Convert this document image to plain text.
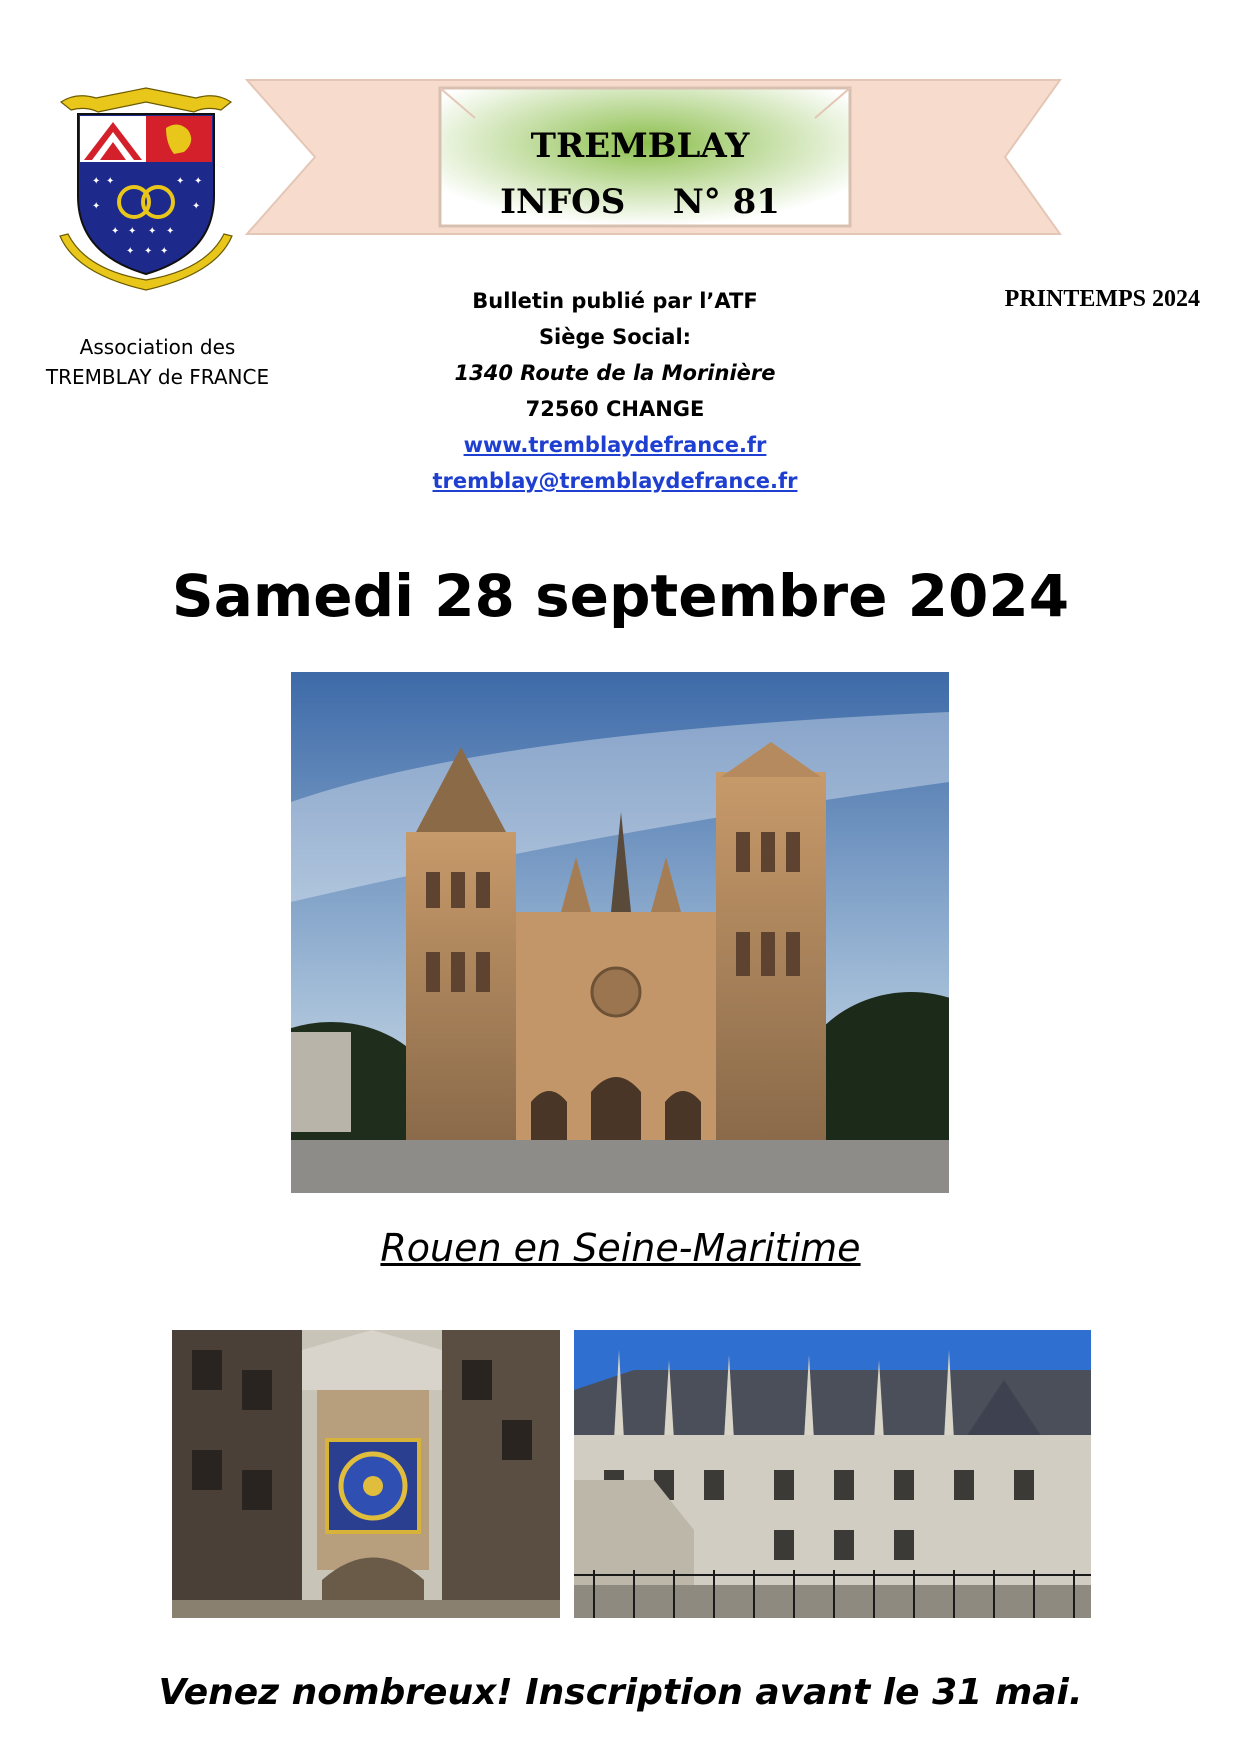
✦ ✦	✦ ✦
✦	✦
✦ ✦ ✦ ✦
✦ ✦ ✦
Association des
TREMBLAY de FRANCE
TREMBLAY
INFOS    N° 81
Bulletin publié par l’ATF
Siège Social:
1340 Route de la Morinière
72560 CHANGE
www.tremblaydefrance.fr
tremblay@tremblaydefrance.fr
PRINTEMPS 2024
Samedi 28 septembre 2024
Rouen en Seine-Maritime
Venez nombreux! Inscription avant le 31 mai.
